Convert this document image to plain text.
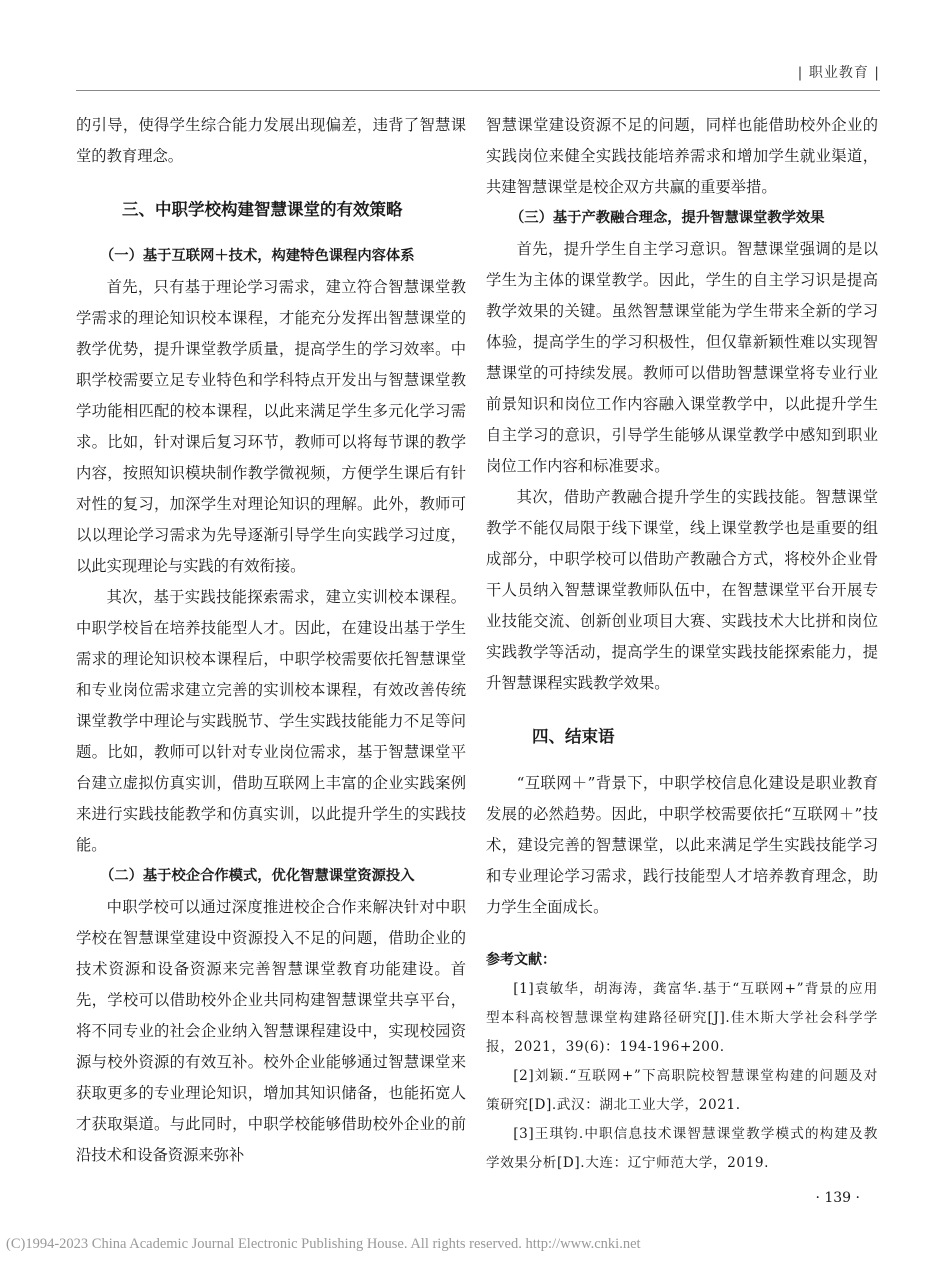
| 职业教育 |

的引导，使得学生综合能力发展出现偏差，违背了智慧课堂的教育理念。

三、中职学校构建智慧课堂的有效策略
（一）基于互联网＋技术，构建特色课程内容体系

首先，只有基于理论学习需求，建立符合智慧课堂教学需求的理论知识校本课程，才能充分发挥出智慧课堂的教学优势，提升课堂教学质量，提高学生的学习效率。中职学校需要立足专业特色和学科特点开发出与智慧课堂教学功能相匹配的校本课程，以此来满足学生多元化学习需求。比如，针对课后复习环节，教师可以将每节课的教学内容，按照知识模块制作教学微视频，方便学生课后有针对性的复习，加深学生对理论知识的理解。此外，教师可以以理论学习需求为先导逐渐引导学生向实践学习过度，以此实现理论与实践的有效衔接。

其次，基于实践技能探索需求，建立实训校本课程。中职学校旨在培养技能型人才。因此，在建设出基于学生需求的理论知识校本课程后，中职学校需要依托智慧课堂和专业岗位需求建立完善的实训校本课程，有效改善传统课堂教学中理论与实践脱节、学生实践技能能力不足等问题。比如，教师可以针对专业岗位需求，基于智慧课堂平台建立虚拟仿真实训，借助互联网上丰富的企业实践案例来进行实践技能教学和仿真实训，以此提升学生的实践技能。

（二）基于校企合作模式，优化智慧课堂资源投入

中职学校可以通过深度推进校企合作来解决针对中职学校在智慧课堂建设中资源投入不足的问题，借助企业的技术资源和设备资源来完善智慧课堂教育功能建设。首先，学校可以借助校外企业共同构建智慧课堂共享平台，将不同专业的社会企业纳入智慧课程建设中，实现校园资源与校外资源的有效互补。校外企业能够通过智慧课堂来获取更多的专业理论知识，增加其知识储备，也能拓宽人才获取渠道。与此同时，中职学校能够借助校外企业的前沿技术和设备资源来弥补

智慧课堂建设资源不足的问题，同样也能借助校外企业的实践岗位来健全实践技能培养需求和增加学生就业渠道，共建智慧课堂是校企双方共赢的重要举措。

（三）基于产教融合理念，提升智慧课堂教学效果

首先，提升学生自主学习意识。智慧课堂强调的是以学生为主体的课堂教学。因此，学生的自主学习识是提高教学效果的关键。虽然智慧课堂能为学生带来全新的学习体验，提高学生的学习积极性，但仅靠新颖性难以实现智慧课堂的可持续发展。教师可以借助智慧课堂将专业行业前景知识和岗位工作内容融入课堂教学中，以此提升学生自主学习的意识，引导学生能够从课堂教学中感知到职业岗位工作内容和标准要求。

其次，借助产教融合提升学生的实践技能。智慧课堂教学不能仅局限于线下课堂，线上课堂教学也是重要的组成部分，中职学校可以借助产教融合方式，将校外企业骨干人员纳入智慧课堂教师队伍中，在智慧课堂平台开展专业技能交流、创新创业项目大赛、实践技术大比拼和岗位实践教学等活动，提高学生的课堂实践技能探索能力，提升智慧课程实践教学效果。

四、结束语

“互联网＋”背景下，中职学校信息化建设是职业教育发展的必然趋势。因此，中职学校需要依托“互联网＋”技术，建设完善的智慧课堂，以此来满足学生实践技能学习和专业理论学习需求，践行技能型人才培养教育理念，助力学生全面成长。

参考文献：

[1]袁敏华，胡海涛，龚富华.基于“互联网+”背景的应用型本科高校智慧课堂构建路径研究[J].佳木斯大学社会科学学报，2021，39(6)：194-196+200.

[2]刘颖.“互联网+”下高职院校智慧课堂构建的问题及对策研究[D].武汉：湖北工业大学，2021.

[3]王琪钧.中职信息技术课智慧课堂教学模式的构建及教学效果分析[D].大连：辽宁师范大学，2019.

· 139 ·
(C)1994-2023 China Academic Journal Electronic Publishing House. All rights reserved. http://www.cnki.net
